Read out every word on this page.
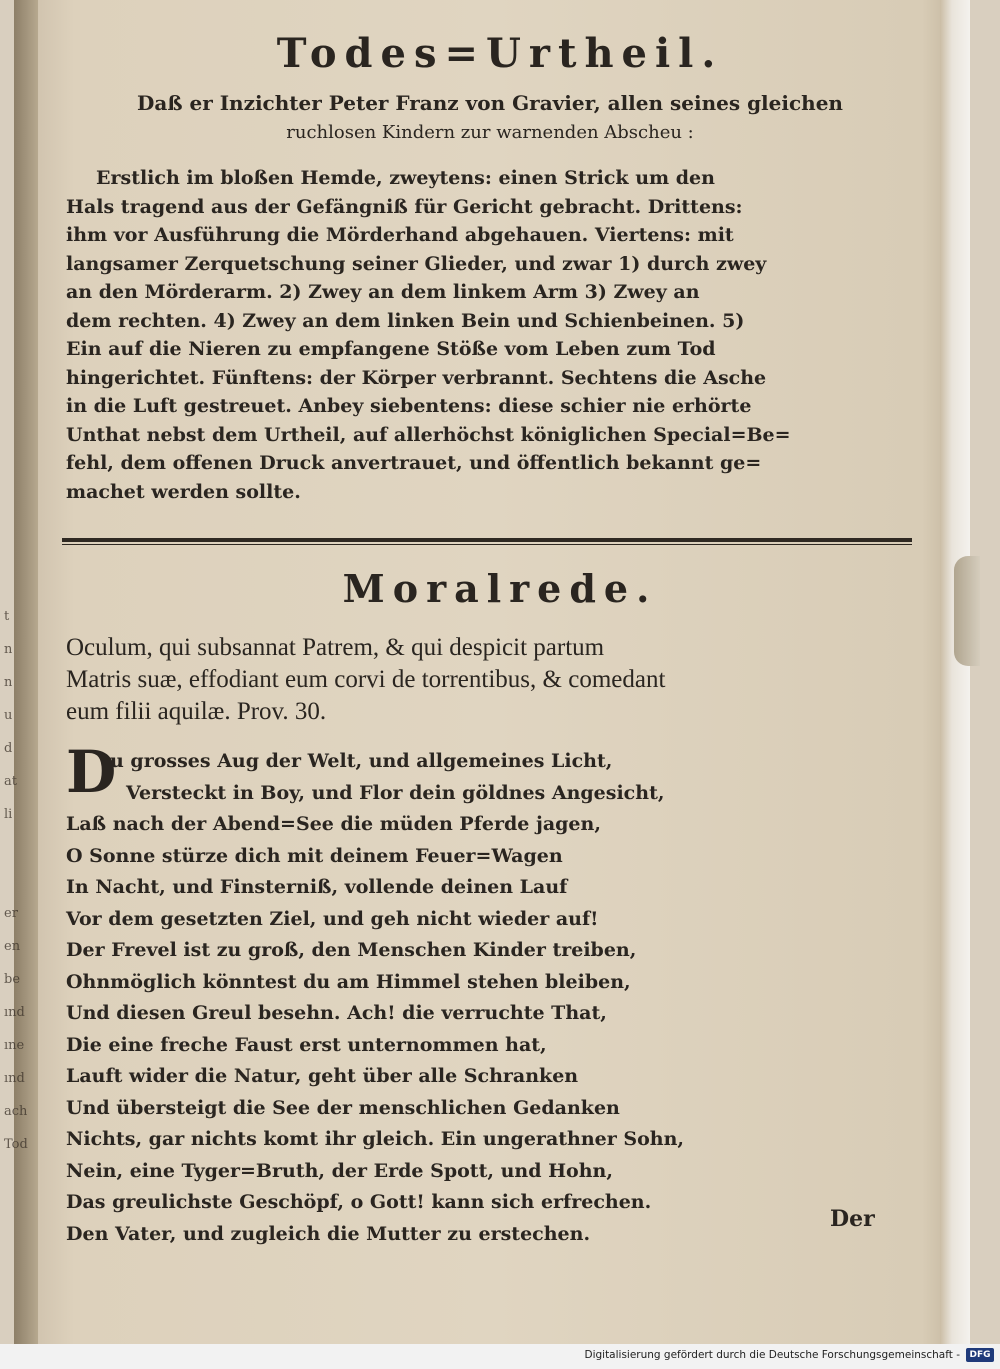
t
n
n
u
d
at
li
er
en
be
ınd
ıne
ınd
ach
Tod
Todes=Urtheil.
Daß er Inzichter Peter Franz von Gravier, allen seines gleichen
ruchlosen Kindern zur warnenden Abscheu :
Erstlich im bloßen Hemde, zweytens: einen Strick um den
Hals tragend aus der Gefängniß für Gericht gebracht. Drittens:
ihm vor Ausführung die Mörderhand abgehauen. Viertens: mit
langsamer Zerquetschung seiner Glieder, und zwar 1) durch zwey
an den Mörderarm. 2) Zwey an dem linkem Arm 3) Zwey an
dem rechten. 4) Zwey an dem linken Bein und Schienbeinen. 5)
Ein auf die Nieren zu empfangene Stöße vom Leben zum Tod
hingerichtet. Fünftens: der Körper verbrannt. Sechtens die Asche
in die Luft gestreuet. Anbey siebentens: diese schier nie erhörte
Unthat nebst dem Urtheil, auf allerhöchst königlichen Special=Be=
fehl, dem offenen Druck anvertrauet, und öffentlich bekannt ge=
machet werden sollte.
Moralrede.
Oculum, qui subsannat Patrem, & qui despicit partum
Matris suæ, effodiant eum corvi de torrentibus, & comedant
eum filii aquilæ. Prov. 30.
D
u grosses Aug der Welt, und allgemeines Licht,
Versteckt in Boy, und Flor dein göldnes Angesicht,
Laß nach der Abend=See die müden Pferde jagen,
O Sonne stürze dich mit deinem Feuer=Wagen
In Nacht, und Finsterniß, vollende deinen Lauf
Vor dem gesetzten Ziel, und geh nicht wieder auf!
Der Frevel ist zu groß, den Menschen Kinder treiben,
Ohnmöglich könntest du am Himmel stehen bleiben,
Und diesen Greul besehn. Ach! die verruchte That,
Die eine freche Faust erst unternommen hat,
Lauft wider die Natur, geht über alle Schranken
Und übersteigt die See der menschlichen Gedanken
Nichts, gar nichts komt ihr gleich. Ein ungerathner Sohn,
Nein, eine Tyger=Bruth, der Erde Spott, und Hohn,
Das greulichste Geschöpf, o Gott! kann sich erfrechen.
Den Vater, und zugleich die Mutter zu erstechen.
Der
Digitalisierung gefördert durch die Deutsche Forschungsgemeinschaft -	DFG
